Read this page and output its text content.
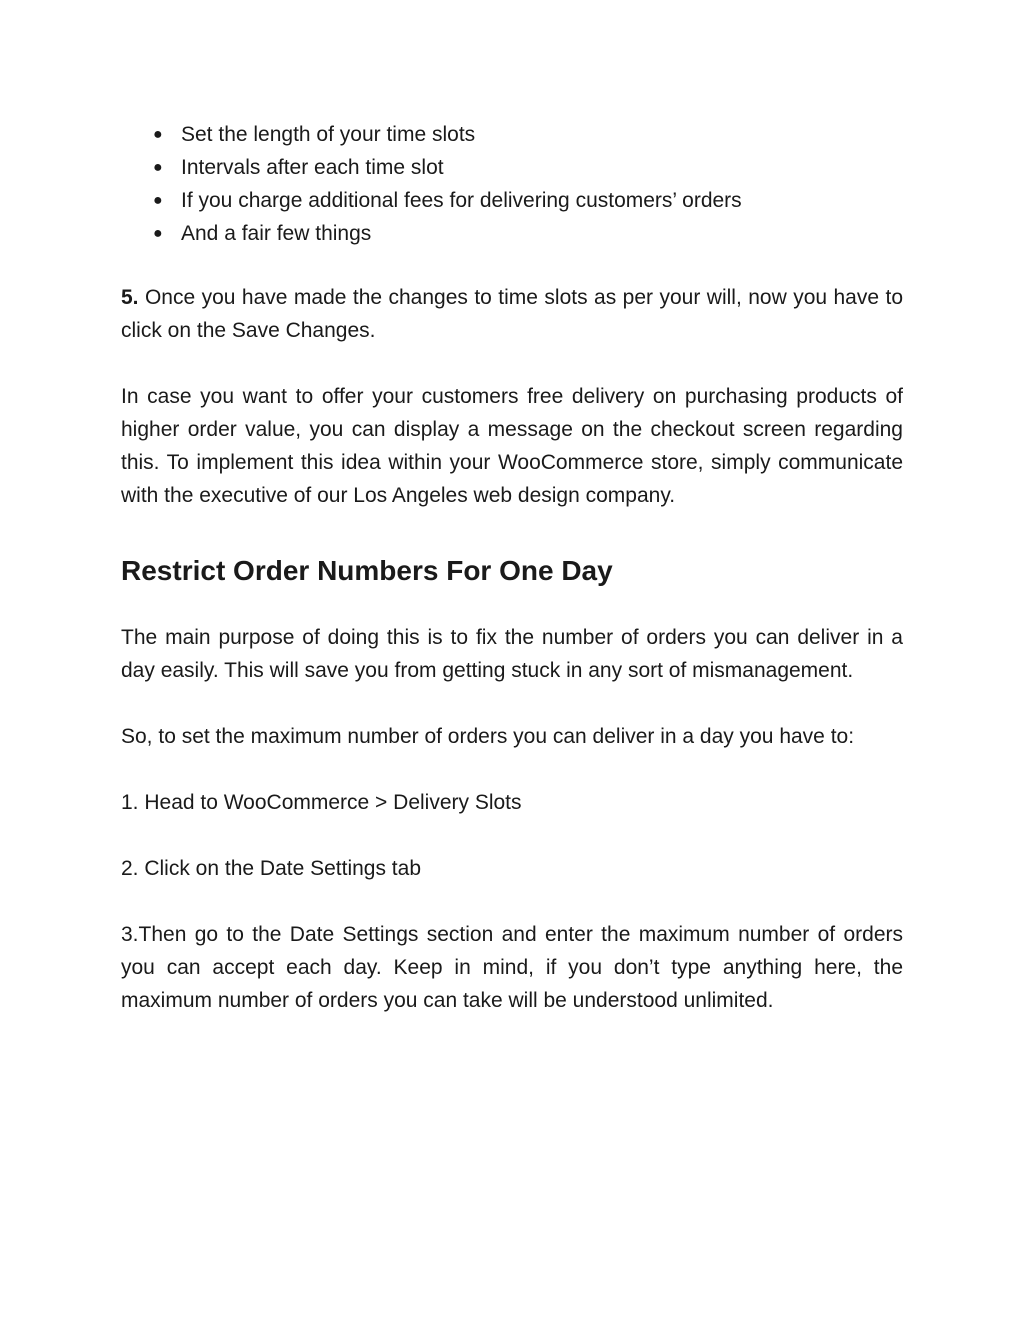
● Set the length of your time slots
● Intervals after each time slot
● If you charge additional fees for delivering customers’ orders
● And a fair few things

5. Once you have made the changes to time slots as per your will, now you have to click on the Save Changes.

In case you want to offer your customers free delivery on purchasing products of higher order value, you can display a message on the checkout screen regarding this. To implement this idea within your WooCommerce store, simply communicate with the executive of our Los Angeles web design company.

Restrict Order Numbers For One Day

The main purpose of doing this is to fix the number of orders you can deliver in a day easily. This will save you from getting stuck in any sort of mismanagement.

So, to set the maximum number of orders you can deliver in a day you have to:

1. Head to WooCommerce > Delivery Slots

2. Click on the Date Settings tab

3.Then go to the Date Settings section and enter the maximum number of orders you can accept each day. Keep in mind, if you don’t type anything here, the maximum number of orders you can take will be understood unlimited.
